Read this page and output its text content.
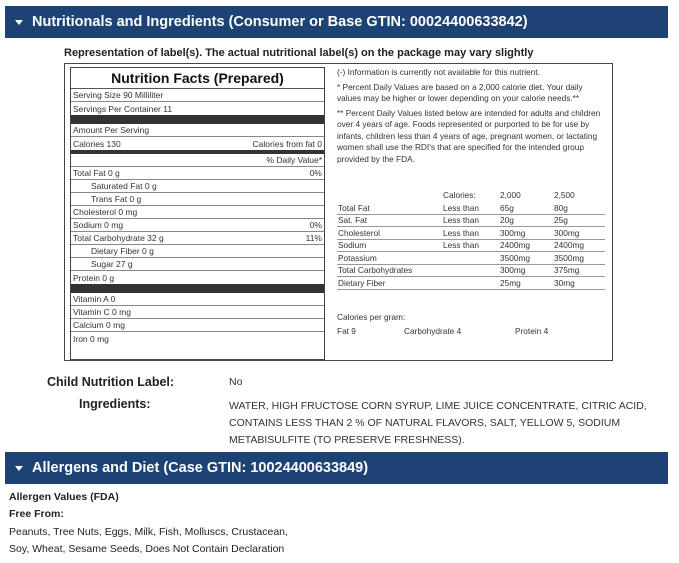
Nutritionals and Ingredients (Consumer or Base GTIN: 00024400633842)
Representation of label(s). The actual nutritional label(s) on the package may vary slightly
Nutrition Facts (Prepared)
Serving Size 90 Milliliter
Servings Per Container 11
Amount Per Serving
Calories 130	Calories from fat 0
% Daily Value*
Total Fat 0 g	0%
Saturated Fat 0 g
Trans Fat 0 g
Cholesterol 0 mg
Sodium 0 mg	0%
Total Carbohydrate 32 g	11%
Dietary Fiber 0 g
Sugar 27 g
Protein 0 g
Vitamin A 0
Vitamin C 0 mg
Calcium 0 mg
Iron 0 mg

(-) Information is currently not available for this nutrient.

* Percent Daily Values are based on a 2,000 calorie diet. Your daily values may be higher or lower depending on your calorie needs.**

** Percent Daily Values listed below are intended for adults and children over 4 years of age. Foods represented or purported to be for use by infants, children less than 4 years of age, pregnant women, or lactating women shall use the RDI's that are specified for the intended group provided by the FDA.

	Calories:	2,000	2,500
Total Fat	Less than	65g	80g
Sat. Fat	Less than	20g	25g
Cholesterol	Less than	300mg	300mg
Sodium	Less than	2400mg	2400mg
Potassium		3500mg	3500mg
Total Carbohydrates		300mg	375mg
Dietary Fiber		25mg	30mg
Calories per gram:
Fat 9	Carbohydrate 4	Protein 4
Child Nutrition Label:	No
Ingredients:	WATER, HIGH FRUCTOSE CORN SYRUP, LIME JUICE CONCENTRATE, CITRIC ACID, CONTAINS LESS THAN 2 % OF NATURAL FLAVORS, SALT, YELLOW 5, SODIUM METABISULFITE (TO PRESERVE FRESHNESS).
Allergens and Diet (Case GTIN: 10024400633849)
Allergen Values (FDA)
Free From:
Peanuts, Tree Nuts, Eggs, Milk, Fish, Molluscs, Crustacean,
Soy, Wheat, Sesame Seeds, Does Not Contain Declaration
